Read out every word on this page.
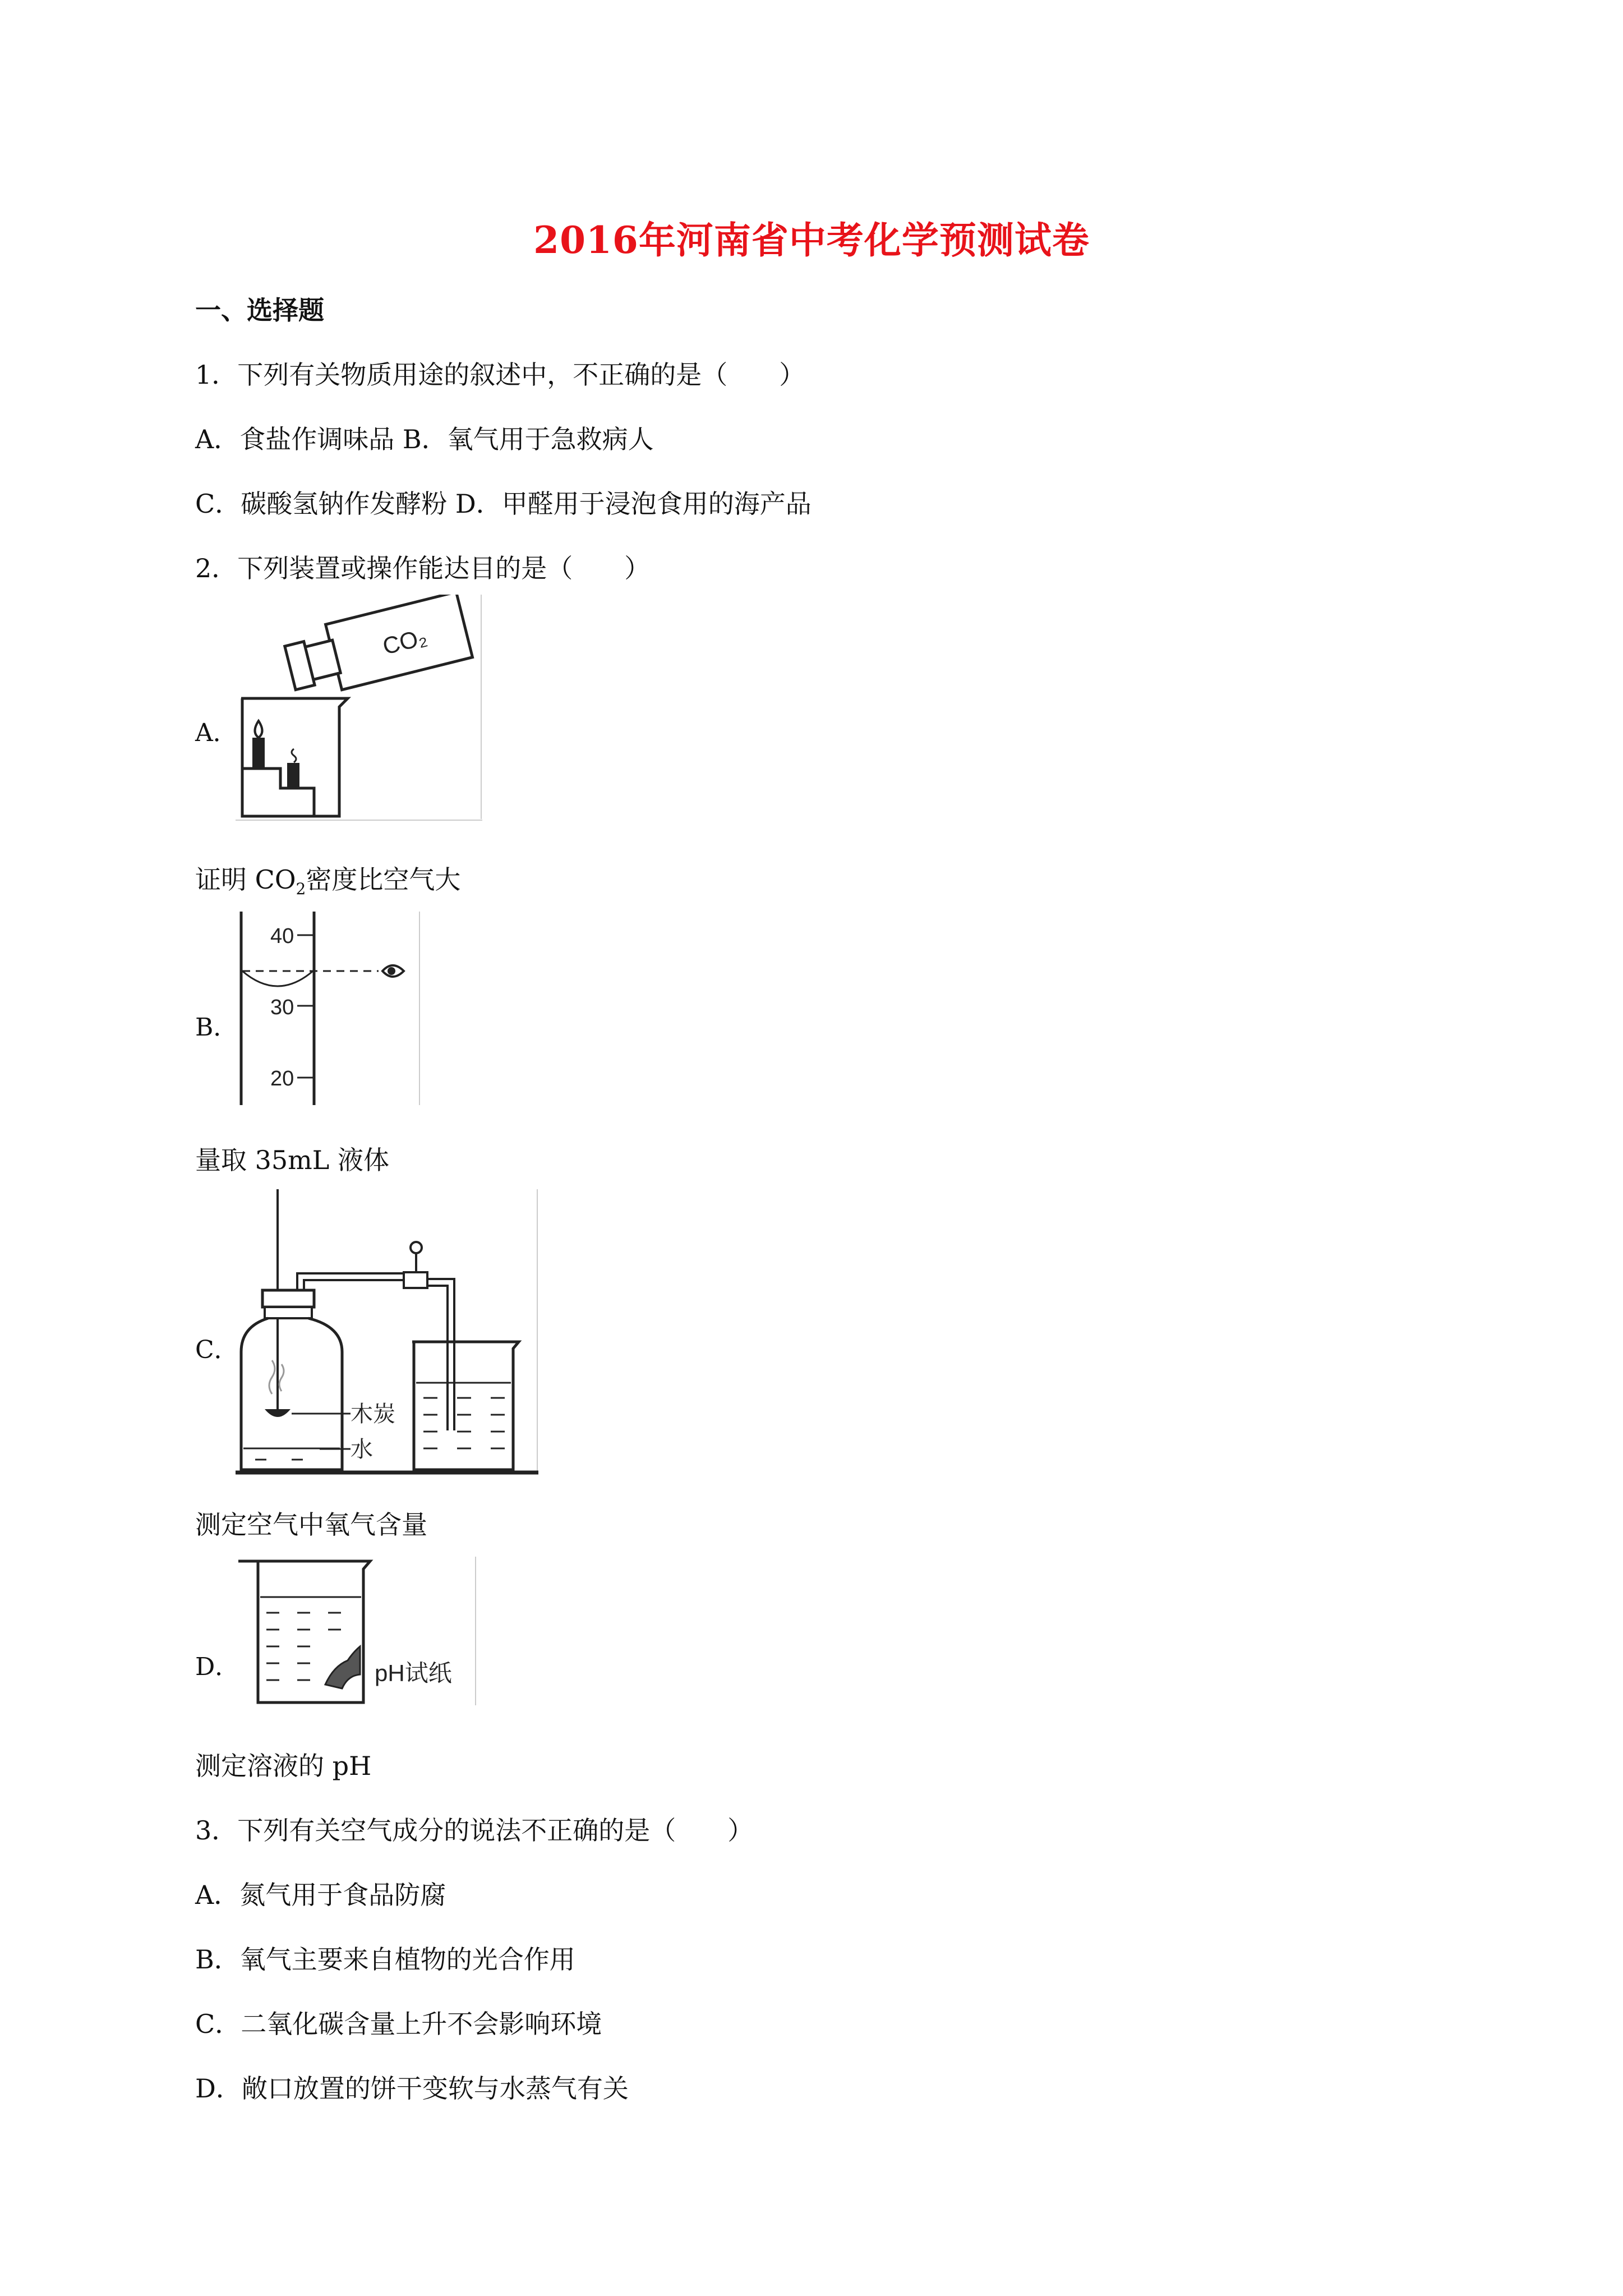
2016年河南省中考化学预测试卷
一、选择题
1．下列有关物质用途的叙述中，不正确的是（　　）
A．食盐作调味品 B．氧气用于急救病人
C．碳酸氢钠作发酵粉 D．甲醛用于浸泡食用的海产品
2．下列装置或操作能达目的是（　　）
A．
CO₂
证明 $CO_2$密度比空气大
B．
40
30
20
量取 35mL 液体
C．
木炭
水
测定空气中氧气含量
D．	pH试纸
测定溶液的 pH
3．下列有关空气成分的说法不正确的是（　　）
A．氮气用于食品防腐
B．氧气主要来自植物的光合作用
C．二氧化碳含量上升不会影响环境
D．敞口放置的饼干变软与水蒸气有关
